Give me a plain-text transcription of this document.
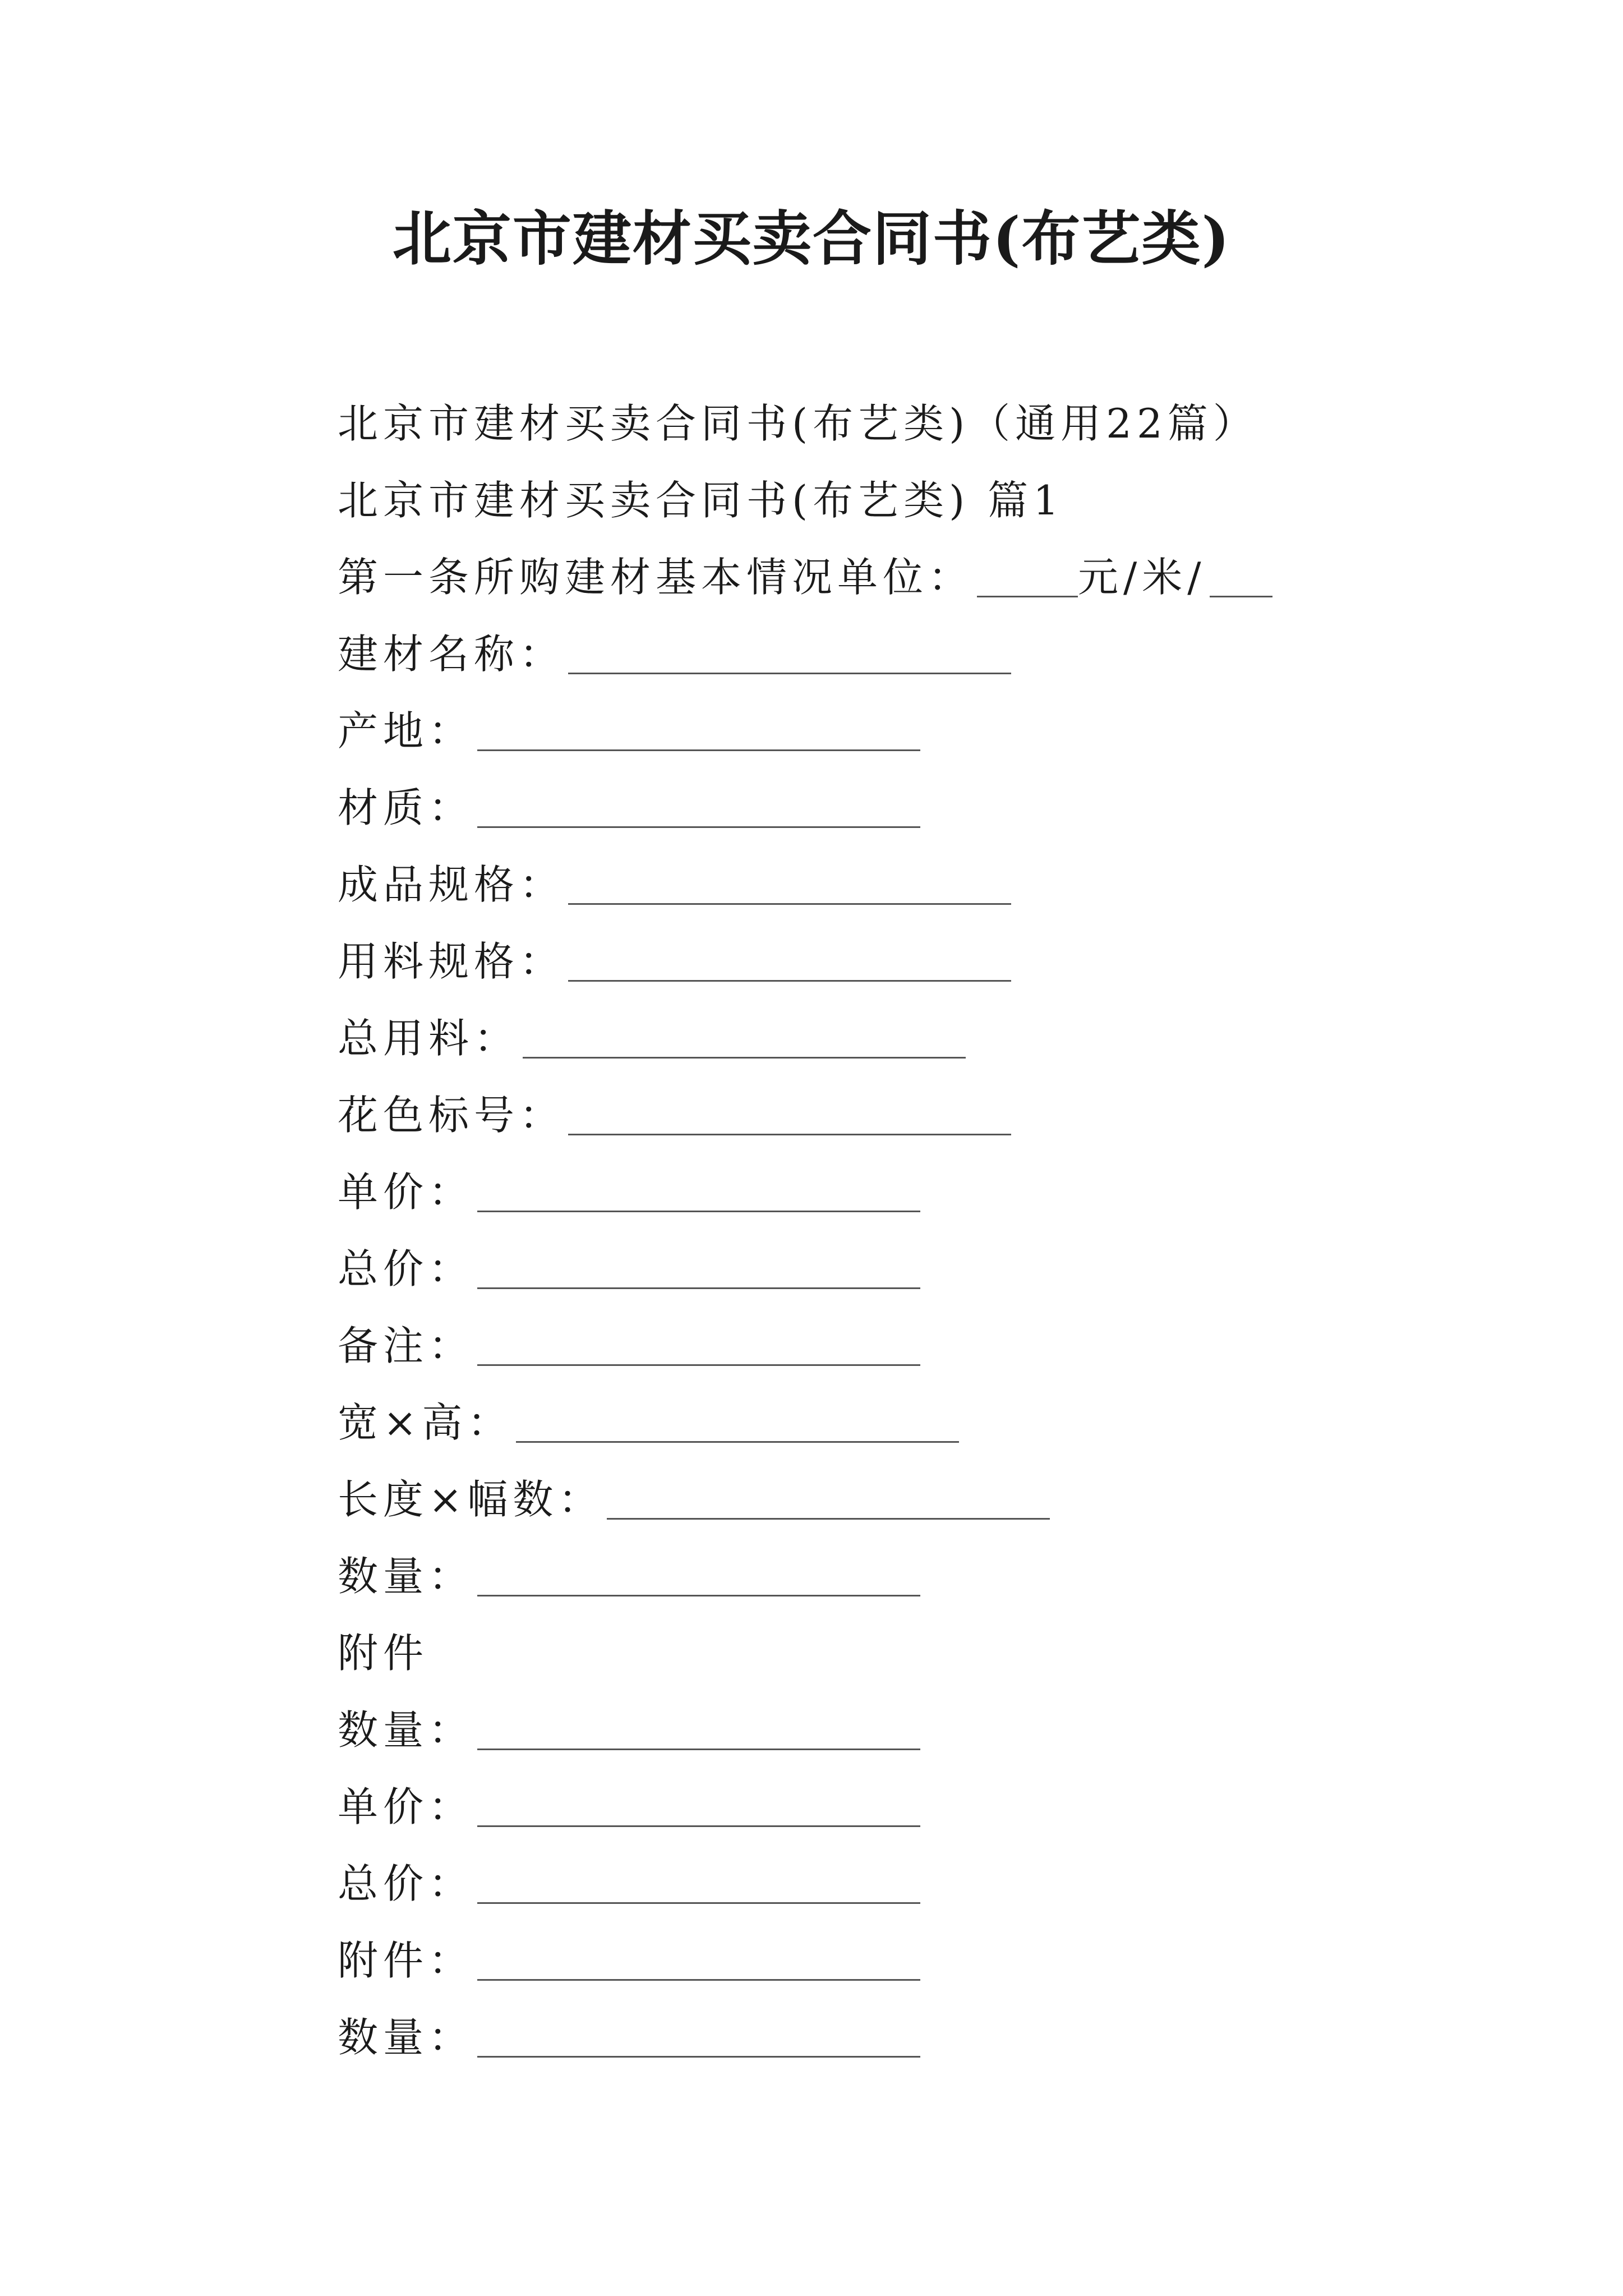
北京市建材买卖合同书(布艺类)
北京市建材买卖合同书(布艺类)（通用22篇）
北京市建材买卖合同书(布艺类) 篇1
第一条所购建材基本情况单位：	元/米/
建材名称：
产地：
材质：
成品规格：
用料规格：
总用料：
花色标号：
单价：
总价：
备注：
宽×高：
长度×幅数：
数量：
附件
数量：
单价：
总价：
附件：
数量：
